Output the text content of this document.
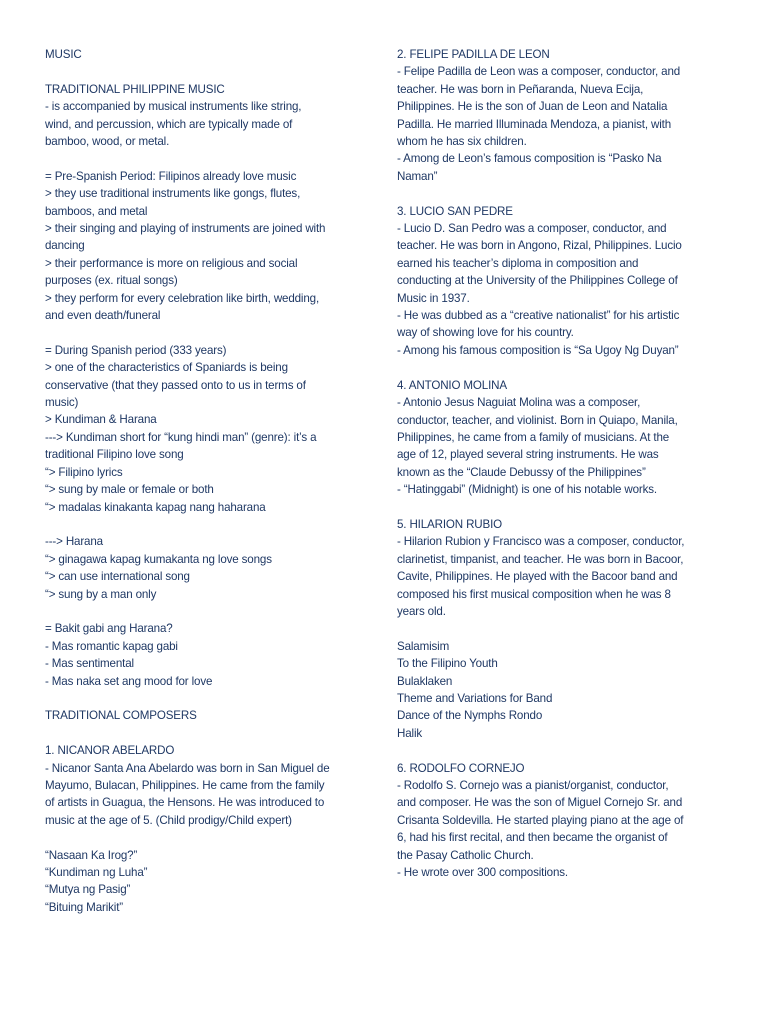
MUSIC
TRADITIONAL PHILIPPINE MUSIC
- is accompanied by musical instruments like string,
wind, and percussion, which are typically made of
bamboo, wood, or metal.
= Pre-Spanish Period: Filipinos already love music
> they use traditional instruments like gongs, flutes,
bamboos, and metal
> their singing and playing of instruments are joined with
dancing
> their performance is more on religious and social
purposes (ex. ritual songs)
> they perform for every celebration like birth, wedding,
and even death/funeral
= During Spanish period (333 years)
> one of the characteristics of Spaniards is being
conservative (that they passed onto to us in terms of
music)
> Kundiman & Harana
---> Kundiman short for “kung hindi man” (genre): it’s a
traditional Filipino love song
“> Filipino lyrics
“> sung by male or female or both
“> madalas kinakanta kapag nang haharana
---> Harana
“> ginagawa kapag kumakanta ng love songs
“> can use international song
“> sung by a man only
= Bakit gabi ang Harana?
- Mas romantic kapag gabi
- Mas sentimental
- Mas naka set ang mood for love
TRADITIONAL COMPOSERS
1. NICANOR ABELARDO
- Nicanor Santa Ana Abelardo was born in San Miguel de
Mayumo, Bulacan, Philippines. He came from the family
of artists in Guagua, the Hensons. He was introduced to
music at the age of 5. (Child prodigy/Child expert)
“Nasaan Ka Irog?”
“Kundiman ng Luha”
“Mutya ng Pasig”
“Bituing Marikit”
2. FELIPE PADILLA DE LEON
- Felipe Padilla de Leon was a composer, conductor, and
teacher. He was born in Peñaranda, Nueva Ecija,
Philippines. He is the son of Juan de Leon and Natalia
Padilla. He married Illuminada Mendoza, a pianist, with
whom he has six children.
- Among de Leon’s famous composition is “Pasko Na
Naman”
3. LUCIO SAN PEDRE
- Lucio D. San Pedro was a composer, conductor, and
teacher. He was born in Angono, Rizal, Philippines. Lucio
earned his teacher’s diploma in composition and
conducting at the University of the Philippines College of
Music in 1937.
- He was dubbed as a “creative nationalist” for his artistic
way of showing love for his country.
- Among his famous composition is “Sa Ugoy Ng Duyan”
4. ANTONIO MOLINA
- Antonio Jesus Naguiat Molina was a composer,
conductor, teacher, and violinist. Born in Quiapo, Manila,
Philippines, he came from a family of musicians. At the
age of 12, played several string instruments. He was
known as the “Claude Debussy of the Philippines”
- “Hatinggabi” (Midnight) is one of his notable works.
5. HILARION RUBIO
- Hilarion Rubion y Francisco was a composer, conductor,
clarinetist, timpanist, and teacher. He was born in Bacoor,
Cavite, Philippines. He played with the Bacoor band and
composed his first musical composition when he was 8
years old.
Salamisim
To the Filipino Youth
Bulaklaken
Theme and Variations for Band
Dance of the Nymphs Rondo
Halik
6. RODOLFO CORNEJO
- Rodolfo S. Cornejo was a pianist/organist, conductor,
and composer. He was the son of Miguel Cornejo Sr. and
Crisanta Soldevilla. He started playing piano at the age of
6, had his first recital, and then became the organist of
the Pasay Catholic Church.
- He wrote over 300 compositions.
